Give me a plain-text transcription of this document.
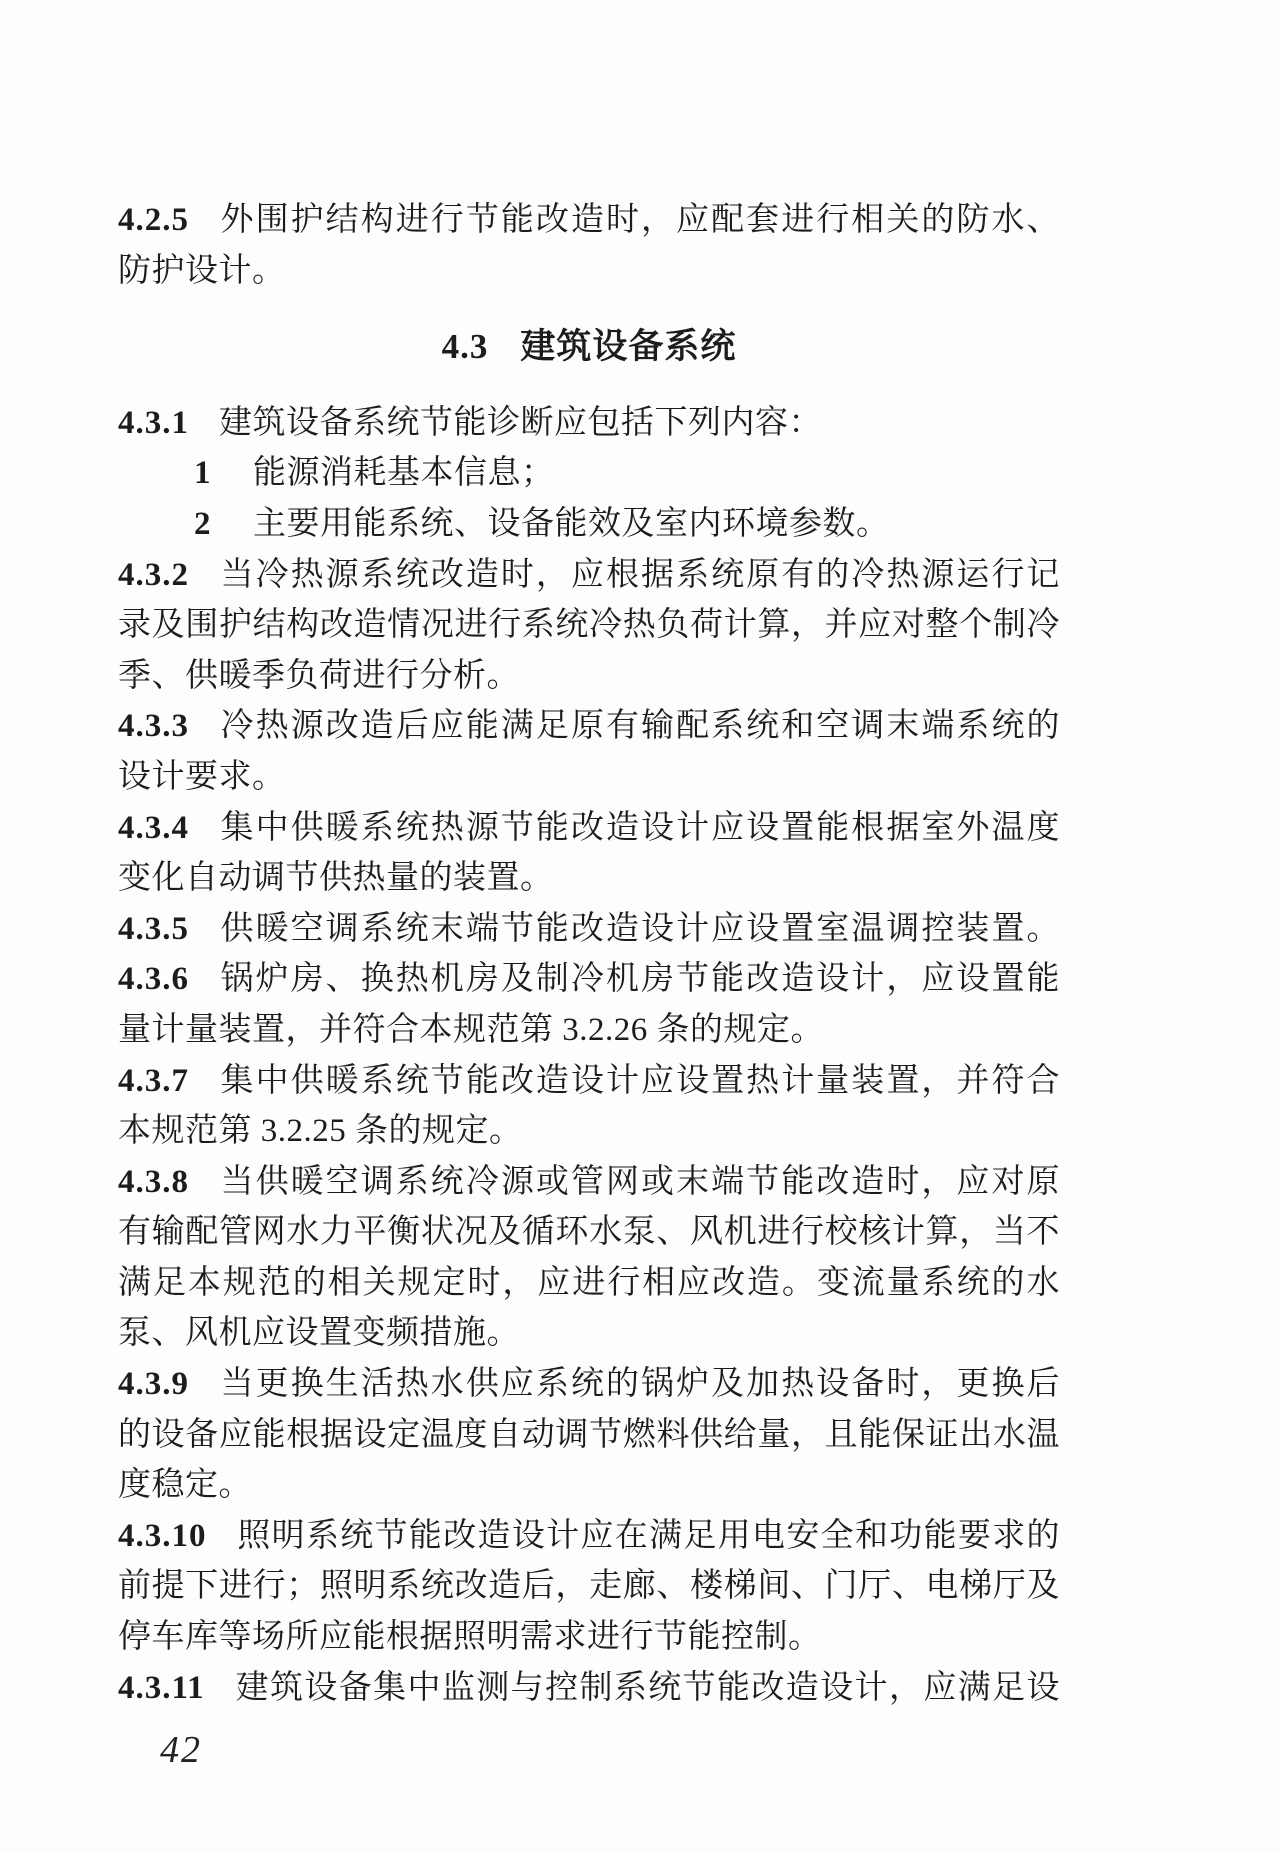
4.2.5 外围护结构进行节能改造时，应配套进行相关的防水、
防护设计。
4.3 建筑设备系统
4.3.1 建筑设备系统节能诊断应包括下列内容：
1 能源消耗基本信息；
2 主要用能系统、设备能效及室内环境参数。
4.3.2 当冷热源系统改造时，应根据系统原有的冷热源运行记
录及围护结构改造情况进行系统冷热负荷计算，并应对整个制冷
季、供暖季负荷进行分析。
4.3.3 冷热源改造后应能满足原有输配系统和空调末端系统的
设计要求。
4.3.4 集中供暖系统热源节能改造设计应设置能根据室外温度
变化自动调节供热量的装置。
4.3.5 供暖空调系统末端节能改造设计应设置室温调控装置。
4.3.6 锅炉房、换热机房及制冷机房节能改造设计，应设置能
量计量装置，并符合本规范第 3.2.26 条的规定。
4.3.7 集中供暖系统节能改造设计应设置热计量装置，并符合
本规范第 3.2.25 条的规定。
4.3.8 当供暖空调系统冷源或管网或末端节能改造时，应对原
有输配管网水力平衡状况及循环水泵、风机进行校核计算，当不
满足本规范的相关规定时，应进行相应改造。变流量系统的水
泵、风机应设置变频措施。
4.3.9 当更换生活热水供应系统的锅炉及加热设备时，更换后
的设备应能根据设定温度自动调节燃料供给量，且能保证出水温
度稳定。
4.3.10 照明系统节能改造设计应在满足用电安全和功能要求的
前提下进行；照明系统改造后，走廊、楼梯间、门厅、电梯厅及
停车库等场所应能根据照明需求进行节能控制。
4.3.11 建筑设备集中监测与控制系统节能改造设计，应满足设
42
